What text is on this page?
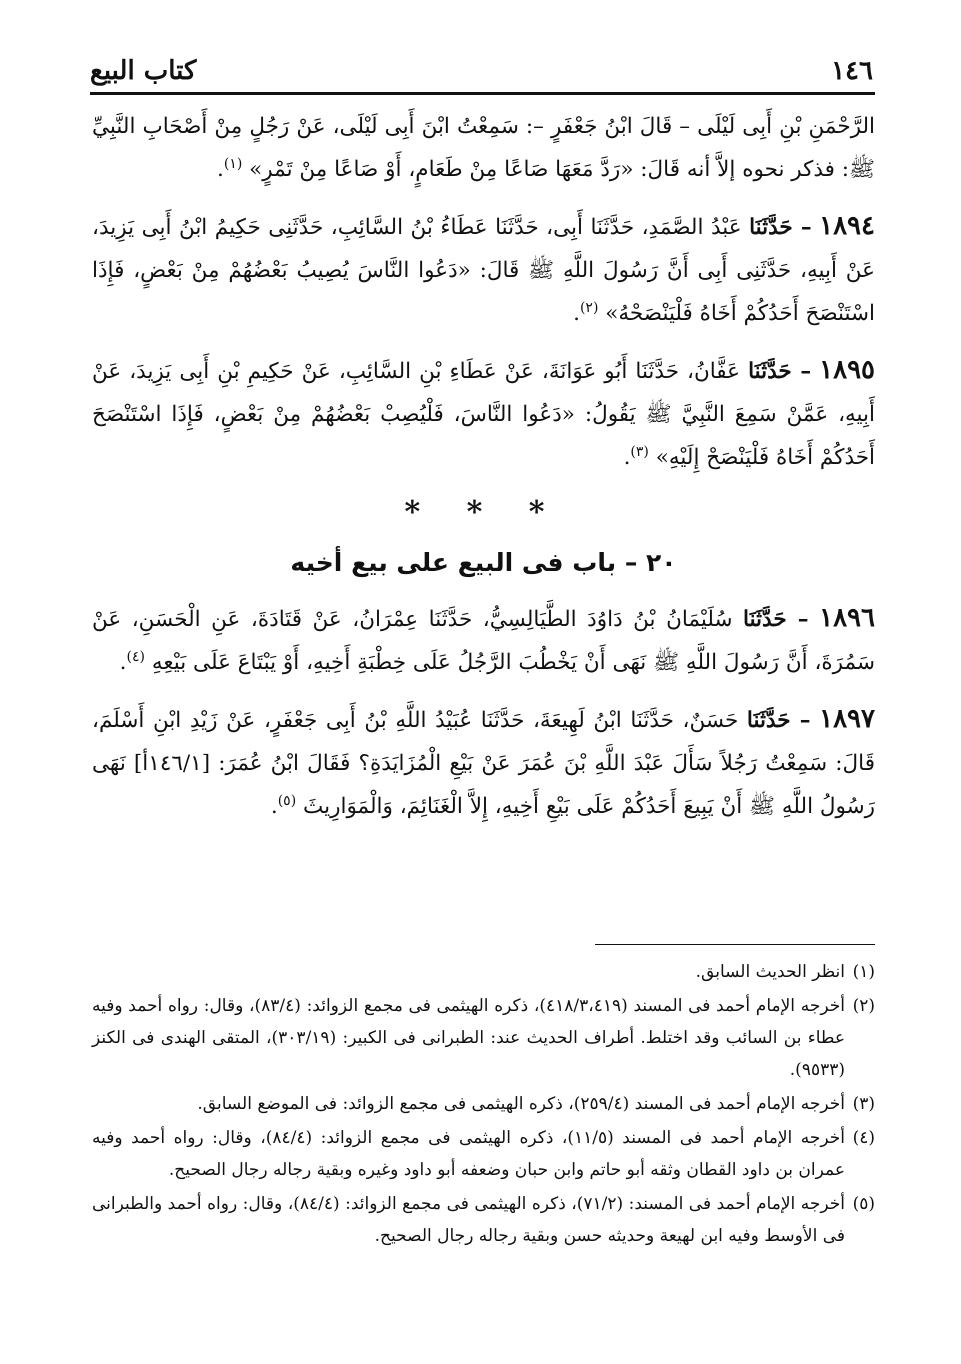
١٤٦
كتاب البيع

الرَّحْمَنِ بْنِ أَبِى لَيْلَى – قَالَ ابْنُ جَعْفَرٍ –: سَمِعْتُ ابْنَ أَبِى لَيْلَى، عَنْ رَجُلٍ مِنْ أَصْحَابِ النَّبِيِّ ﷺ: فذكر نحوه إلاَّ أنه قَالَ: «رَدَّ مَعَهَا صَاعًا مِنْ طَعَامٍ، أَوْ صَاعًا مِنْ تَمْرٍ» $^{(١)}$.

١٨٩٤ – حَدَّثَنَا عَبْدُ الصَّمَدِ، حَدَّثَنَا أَبِى، حَدَّثَنَا عَطَاءُ بْنُ السَّائِبِ، حَدَّثَنِى حَكِيمُ ابْنُ أَبِى يَزِيدَ، عَنْ أَبِيهِ، حَدَّثَنِى أَبِى أَنَّ رَسُولَ اللَّهِ ﷺ قَالَ: «دَعُوا النَّاسَ يُصِيبُ بَعْضُهُمْ مِنْ بَعْضٍ، فَإِذَا اسْتَنْصَحَ أَحَدُكُمْ أَخَاهُ فَلْيَنْصَحْهُ» $^{(٢)}$.

١٨٩٥ – حَدَّثَنَا عَفَّانُ، حَدَّثَنَا أَبُو عَوَانَةَ، عَنْ عَطَاءِ بْنِ السَّائِبِ، عَنْ حَكِيمِ بْنِ أَبِى يَزِيدَ، عَنْ أَبِيهِ، عَمَّنْ سَمِعَ النَّبِيَّ ﷺ يَقُولُ: «دَعُوا النَّاسَ، فَلْيُصِبْ بَعْضُهُمْ مِنْ بَعْضٍ، فَإِذَا اسْتَنْصَحَ أَحَدُكُمْ أَخَاهُ فَلْيَنْصَحْ إِلَيْهِ» $^{(٣)}$.

* * *
٢٠ – باب فى البيع على بيع أخيه

١٨٩٦ – حَدَّثَنَا سُلَيْمَانُ بْنُ دَاوُدَ الطَّيَالِسِيُّ، حَدَّثَنَا عِمْرَانُ، عَنْ قَتَادَةَ، عَنِ الْحَسَنِ، عَنْ سَمُرَةَ، أَنَّ رَسُولَ اللَّهِ ﷺ نَهَى أَنْ يَخْطُبَ الرَّجُلُ عَلَى خِطْبَةِ أَخِيهِ، أَوْ يَبْتَاعَ عَلَى بَيْعِهِ $^{(٤)}$.

١٨٩٧ – حَدَّثَنَا حَسَنٌ، حَدَّثَنَا ابْنُ لَهِيعَةَ، حَدَّثَنَا عُبَيْدُ اللَّهِ بْنُ أَبِى جَعْفَرٍ، عَنْ زَيْدِ ابْنِ أَسْلَمَ، قَالَ: سَمِعْتُ رَجُلاً سَأَلَ عَبْدَ اللَّهِ بْنَ عُمَرَ عَنْ بَيْعِ الْمُزَايَدَةِ؟ فَقَالَ ابْنُ عُمَرَ: [١٤٦/١أ] نَهَى رَسُولُ اللَّهِ ﷺ أَنْ يَبِيعَ أَحَدُكُمْ عَلَى بَيْعِ أَخِيهِ، إِلاَّ الْغَنَائِمَ، وَالْمَوَارِيثَ $^{(٥)}$.

(١)
انظر الحديث السابق.
(٢)
أخرجه الإمام أحمد فى المسند (٤١٨/٣،٤١٩)، ذكره الهيثمى فى مجمع الزوائد: (٨٣/٤)، وقال: رواه أحمد وفيه عطاء بن السائب وقد اختلط. أطراف الحديث عند: الطبرانى فى الكبير: (٣٠٣/١٩)، المتقى الهندى فى الكنز (٩٥٣٣).
(٣)
أخرجه الإمام أحمد فى المسند (٢٥٩/٤)، ذكره الهيثمى فى مجمع الزوائد: فى الموضع السابق.
(٤)
أخرجه الإمام أحمد فى المسند (١١/٥)، ذكره الهيثمى فى مجمع الزوائد: (٨٤/٤)، وقال: رواه أحمد وفيه عمران بن داود القطان وثقه أبو حاتم وابن حبان وضعفه أبو داود وغيره وبقية رجاله رجال الصحيح.
(٥)
أخرجه الإمام أحمد فى المسند: (٧١/٢)، ذكره الهيثمى فى مجمع الزوائد: (٨٤/٤)، وقال: رواه أحمد والطبرانى فى الأوسط وفيه ابن لهيعة وحديثه حسن وبقية رجاله رجال الصحيح.
